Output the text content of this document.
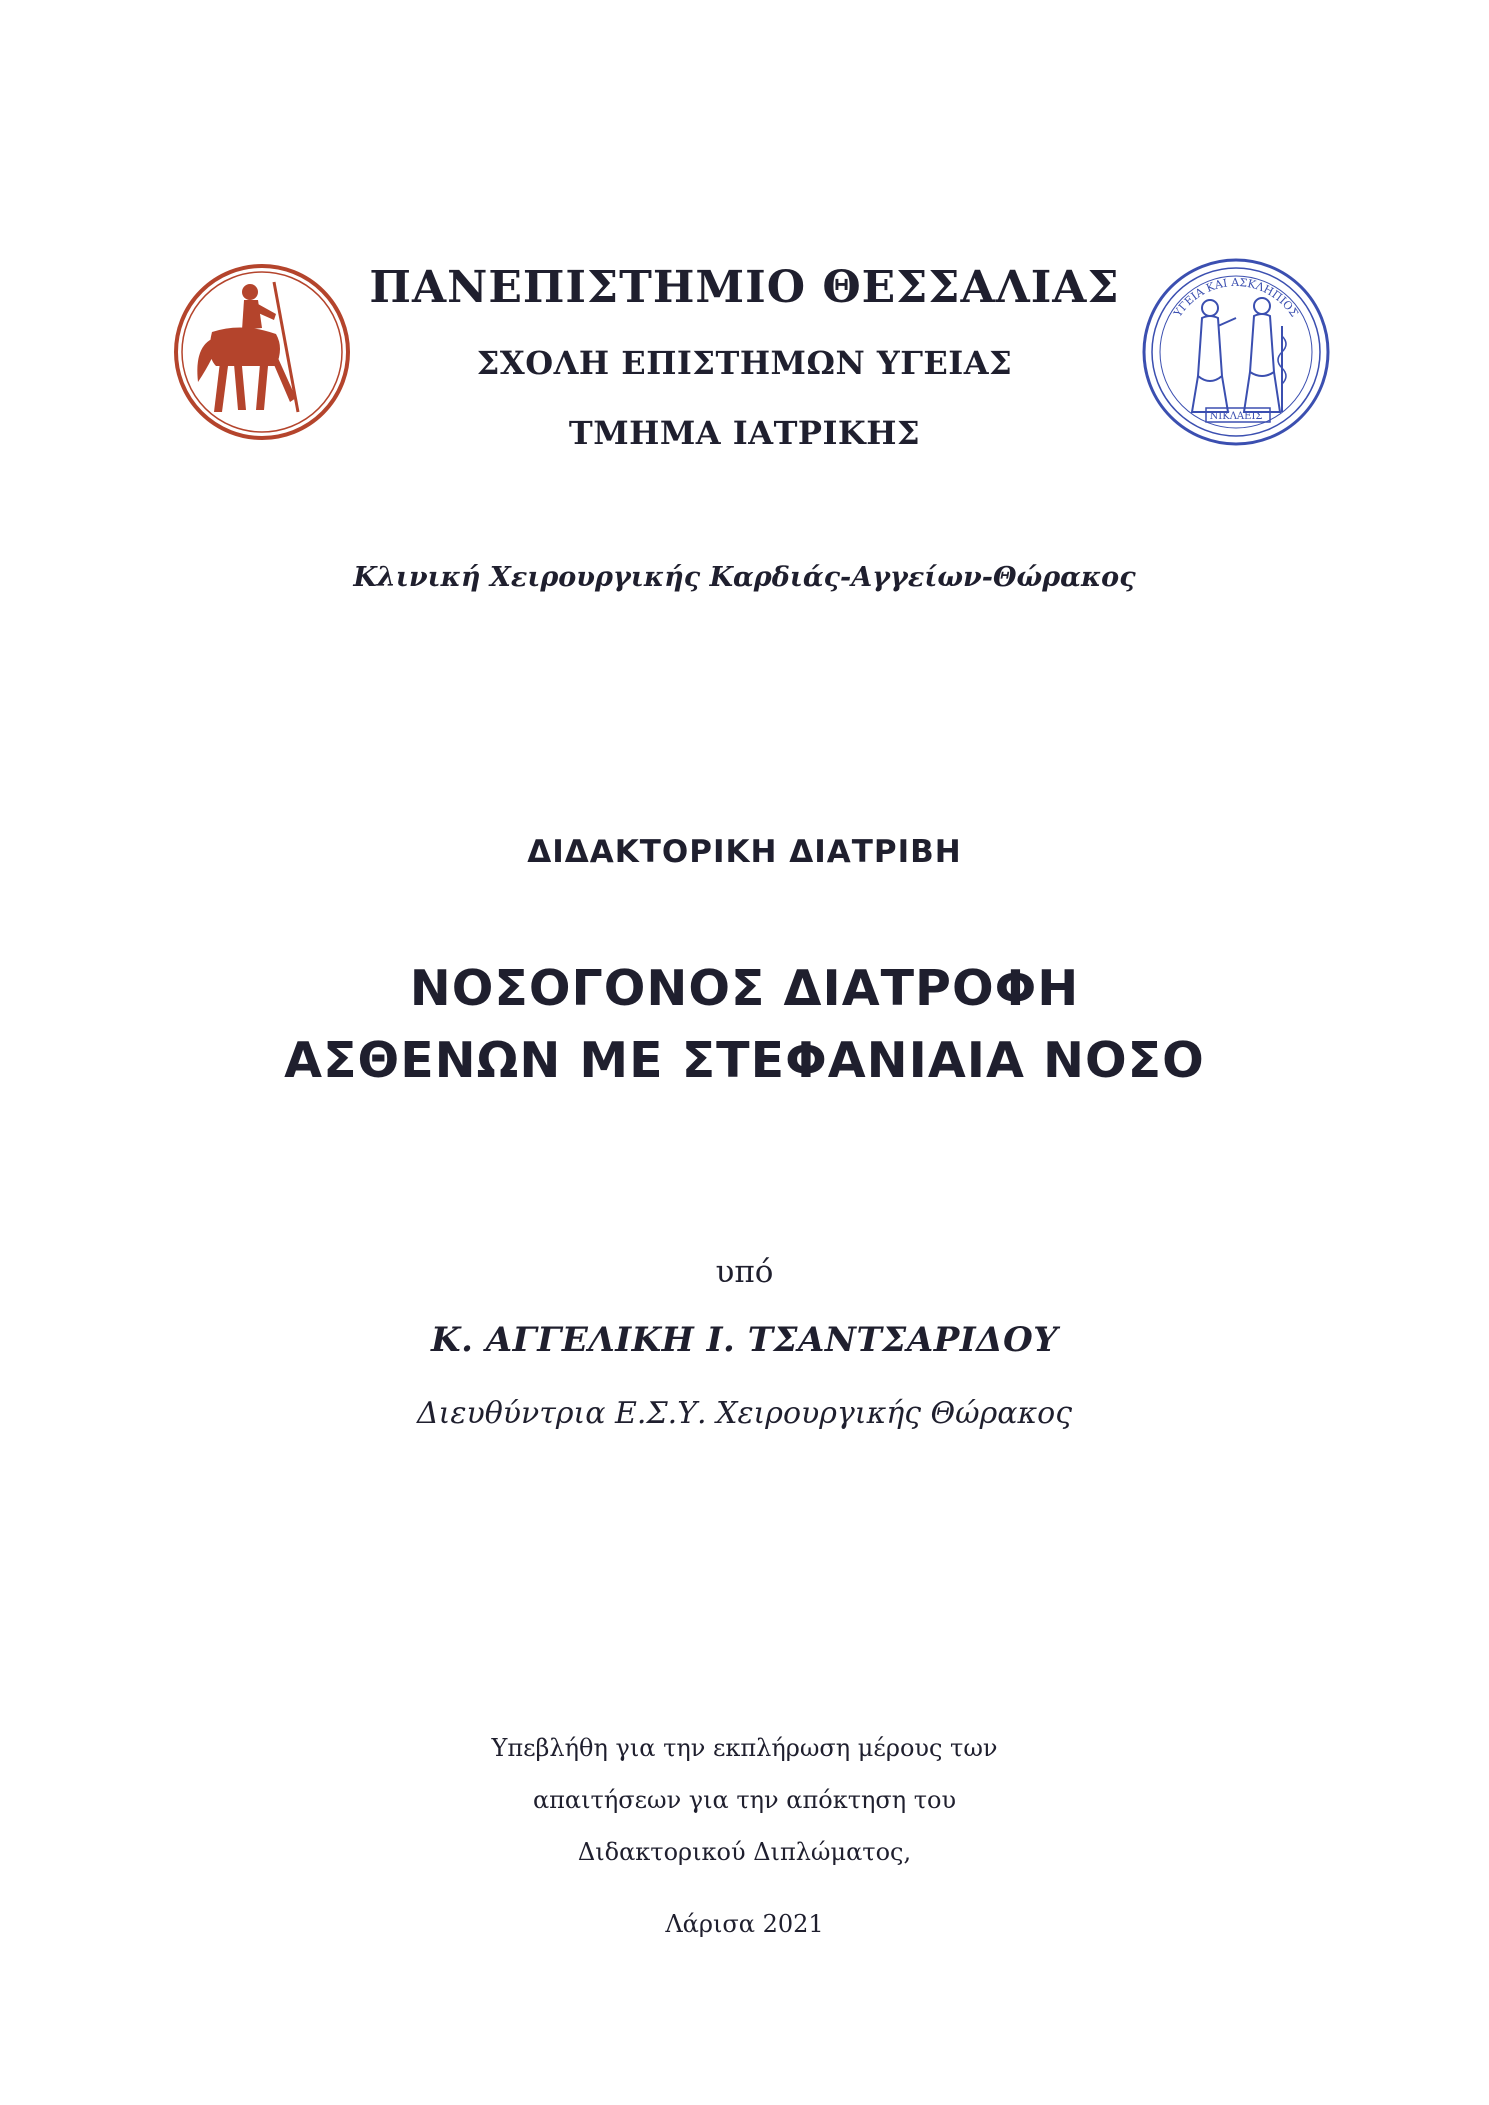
ΠΑΝΕΠΙΣΤΗΜΙΟ ΘΕΣΣΑΛΙΑΣ
ΣΧΟΛΗ ΕΠΙΣΤΗΜΩΝ ΥΓΕΙΑΣ
ΤΜΗΜΑ ΙΑΤΡΙΚΗΣ
ΥΓΕΙΑ ΚΑΙ ΑΣΚΛΗΠΙΟΣ
ΝΙΚΛΑΕΙΣ
Κλινική Χειρουργικής Καρδιάς-Αγγείων-Θώρακος
ΔΙΔΑΚΤΟΡΙΚΗ ΔΙΑΤΡΙΒΗ
ΝΟΣΟΓΟΝΟΣ ΔΙΑΤΡΟΦΗ
ΑΣΘΕΝΩΝ ΜΕ ΣΤΕΦΑΝΙΑΙΑ ΝΟΣΟ
υπό
Κ. ΑΓΓΕΛΙΚΗ Ι. ΤΣΑΝΤΣΑΡΙΔΟΥ
Διευθύντρια Ε.Σ.Υ. Χειρουργικής Θώρακος
Υπεβλήθη για την εκπλήρωση μέρους των
απαιτήσεων για την απόκτηση του
Διδακτορικού Διπλώματος,
Λάρισα 2021
